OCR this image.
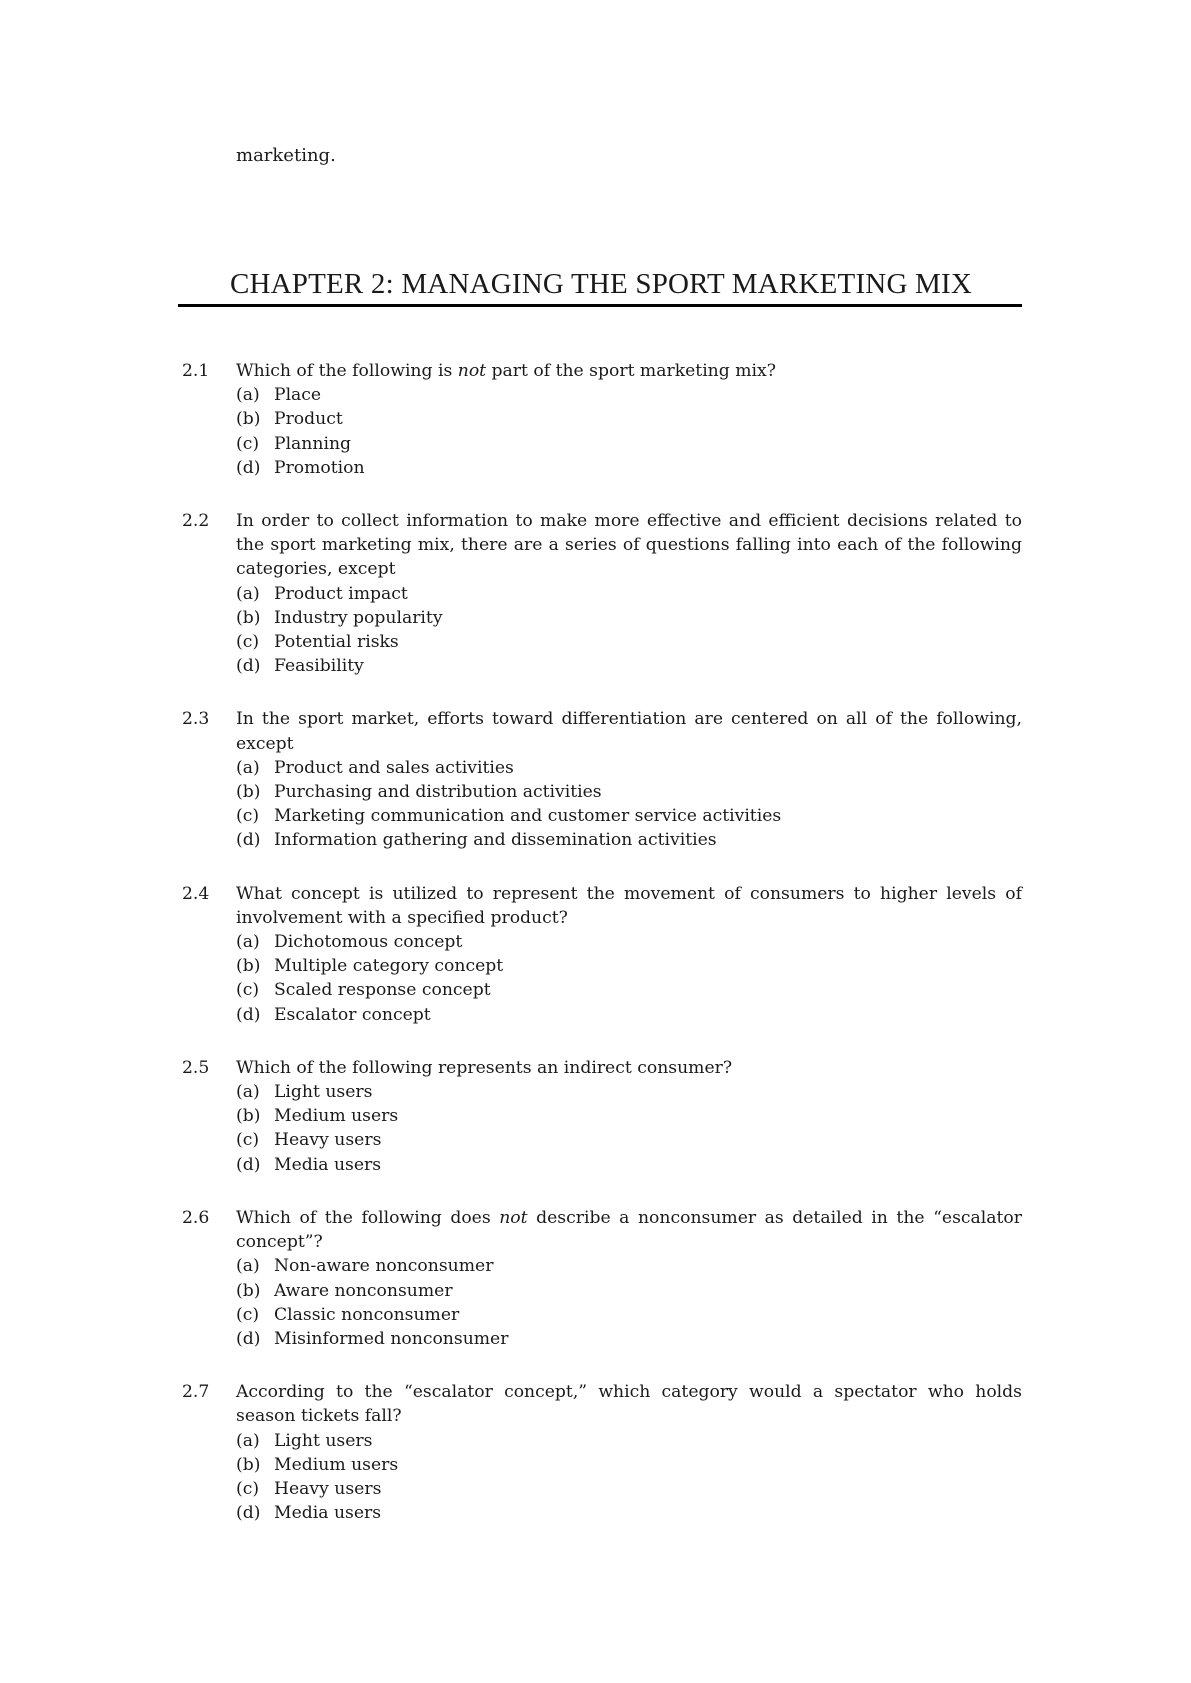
marketing.
CHAPTER 2: MANAGING THE SPORT MARKETING MIX
2.1 Which of the following is not part of the sport marketing mix?
(a) Place
(b) Product
(c) Planning
(d) Promotion
2.2 In order to collect information to make more effective and efficient decisions related to the sport marketing mix, there are a series of questions falling into each of the following categories, except
(a) Product impact
(b) Industry popularity
(c) Potential risks
(d) Feasibility
2.3 In the sport market, efforts toward differentiation are centered on all of the following, except
(a) Product and sales activities
(b) Purchasing and distribution activities
(c) Marketing communication and customer service activities
(d) Information gathering and dissemination activities
2.4 What concept is utilized to represent the movement of consumers to higher levels of involvement with a specified product?
(a) Dichotomous concept
(b) Multiple category concept
(c) Scaled response concept
(d) Escalator concept
2.5 Which of the following represents an indirect consumer?
(a) Light users
(b) Medium users
(c) Heavy users
(d) Media users
2.6 Which of the following does not describe a nonconsumer as detailed in the “escalator concept”?
(a) Non-aware nonconsumer
(b) Aware nonconsumer
(c) Classic nonconsumer
(d) Misinformed nonconsumer
2.7 According to the “escalator concept,” which category would a spectator who holds season tickets fall?
(a) Light users
(b) Medium users
(c) Heavy users
(d) Media users
